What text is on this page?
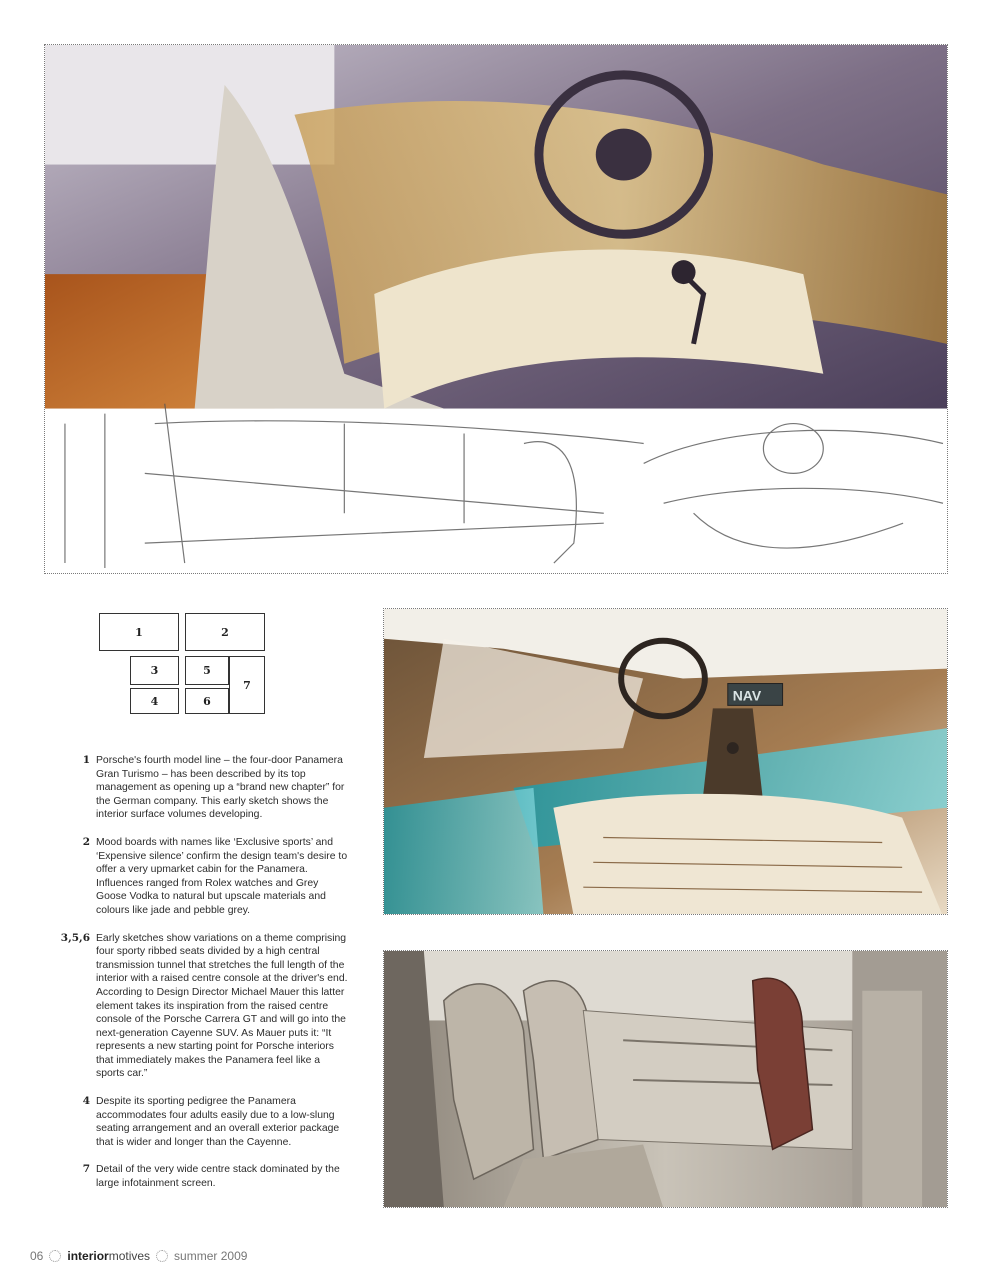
1	2
3	5
7
4	6	NAV
1 Porsche's fourth model line – the four-door Panamera Gran Turismo – has been described by its top management as opening up a “brand new chapter” for the German company. This early sketch shows the interior surface volumes developing.
2 Mood boards with names like ‘Exclusive sports’ and ‘Expensive silence’ confirm the design team's desire to offer a very upmarket cabin for the Panamera. Influences ranged from Rolex watches and Grey Goose Vodka to natural but upscale materials and colours like jade and pebble grey.
3,5,6 Early sketches show variations on a theme comprising four sporty ribbed seats divided by a high central transmission tunnel that stretches the full length of the interior with a raised centre console at the driver's end. According to Design Director Michael Mauer this latter element takes its inspiration from the raised centre console of the Porsche Carrera GT and will go into the next-generation Cayenne SUV. As Mauer puts it: “It represents a new starting point for Porsche interiors that immediately makes the Panamera feel like a sports car.”
4 Despite its sporting pedigree the Panamera accommodates four adults easily due to a low-slung seating arrangement and an overall exterior package that is wider and longer than the Cayenne.
7 Detail of the very wide centre stack dominated by the large infotainment screen.
06 interior motives summer 2009
